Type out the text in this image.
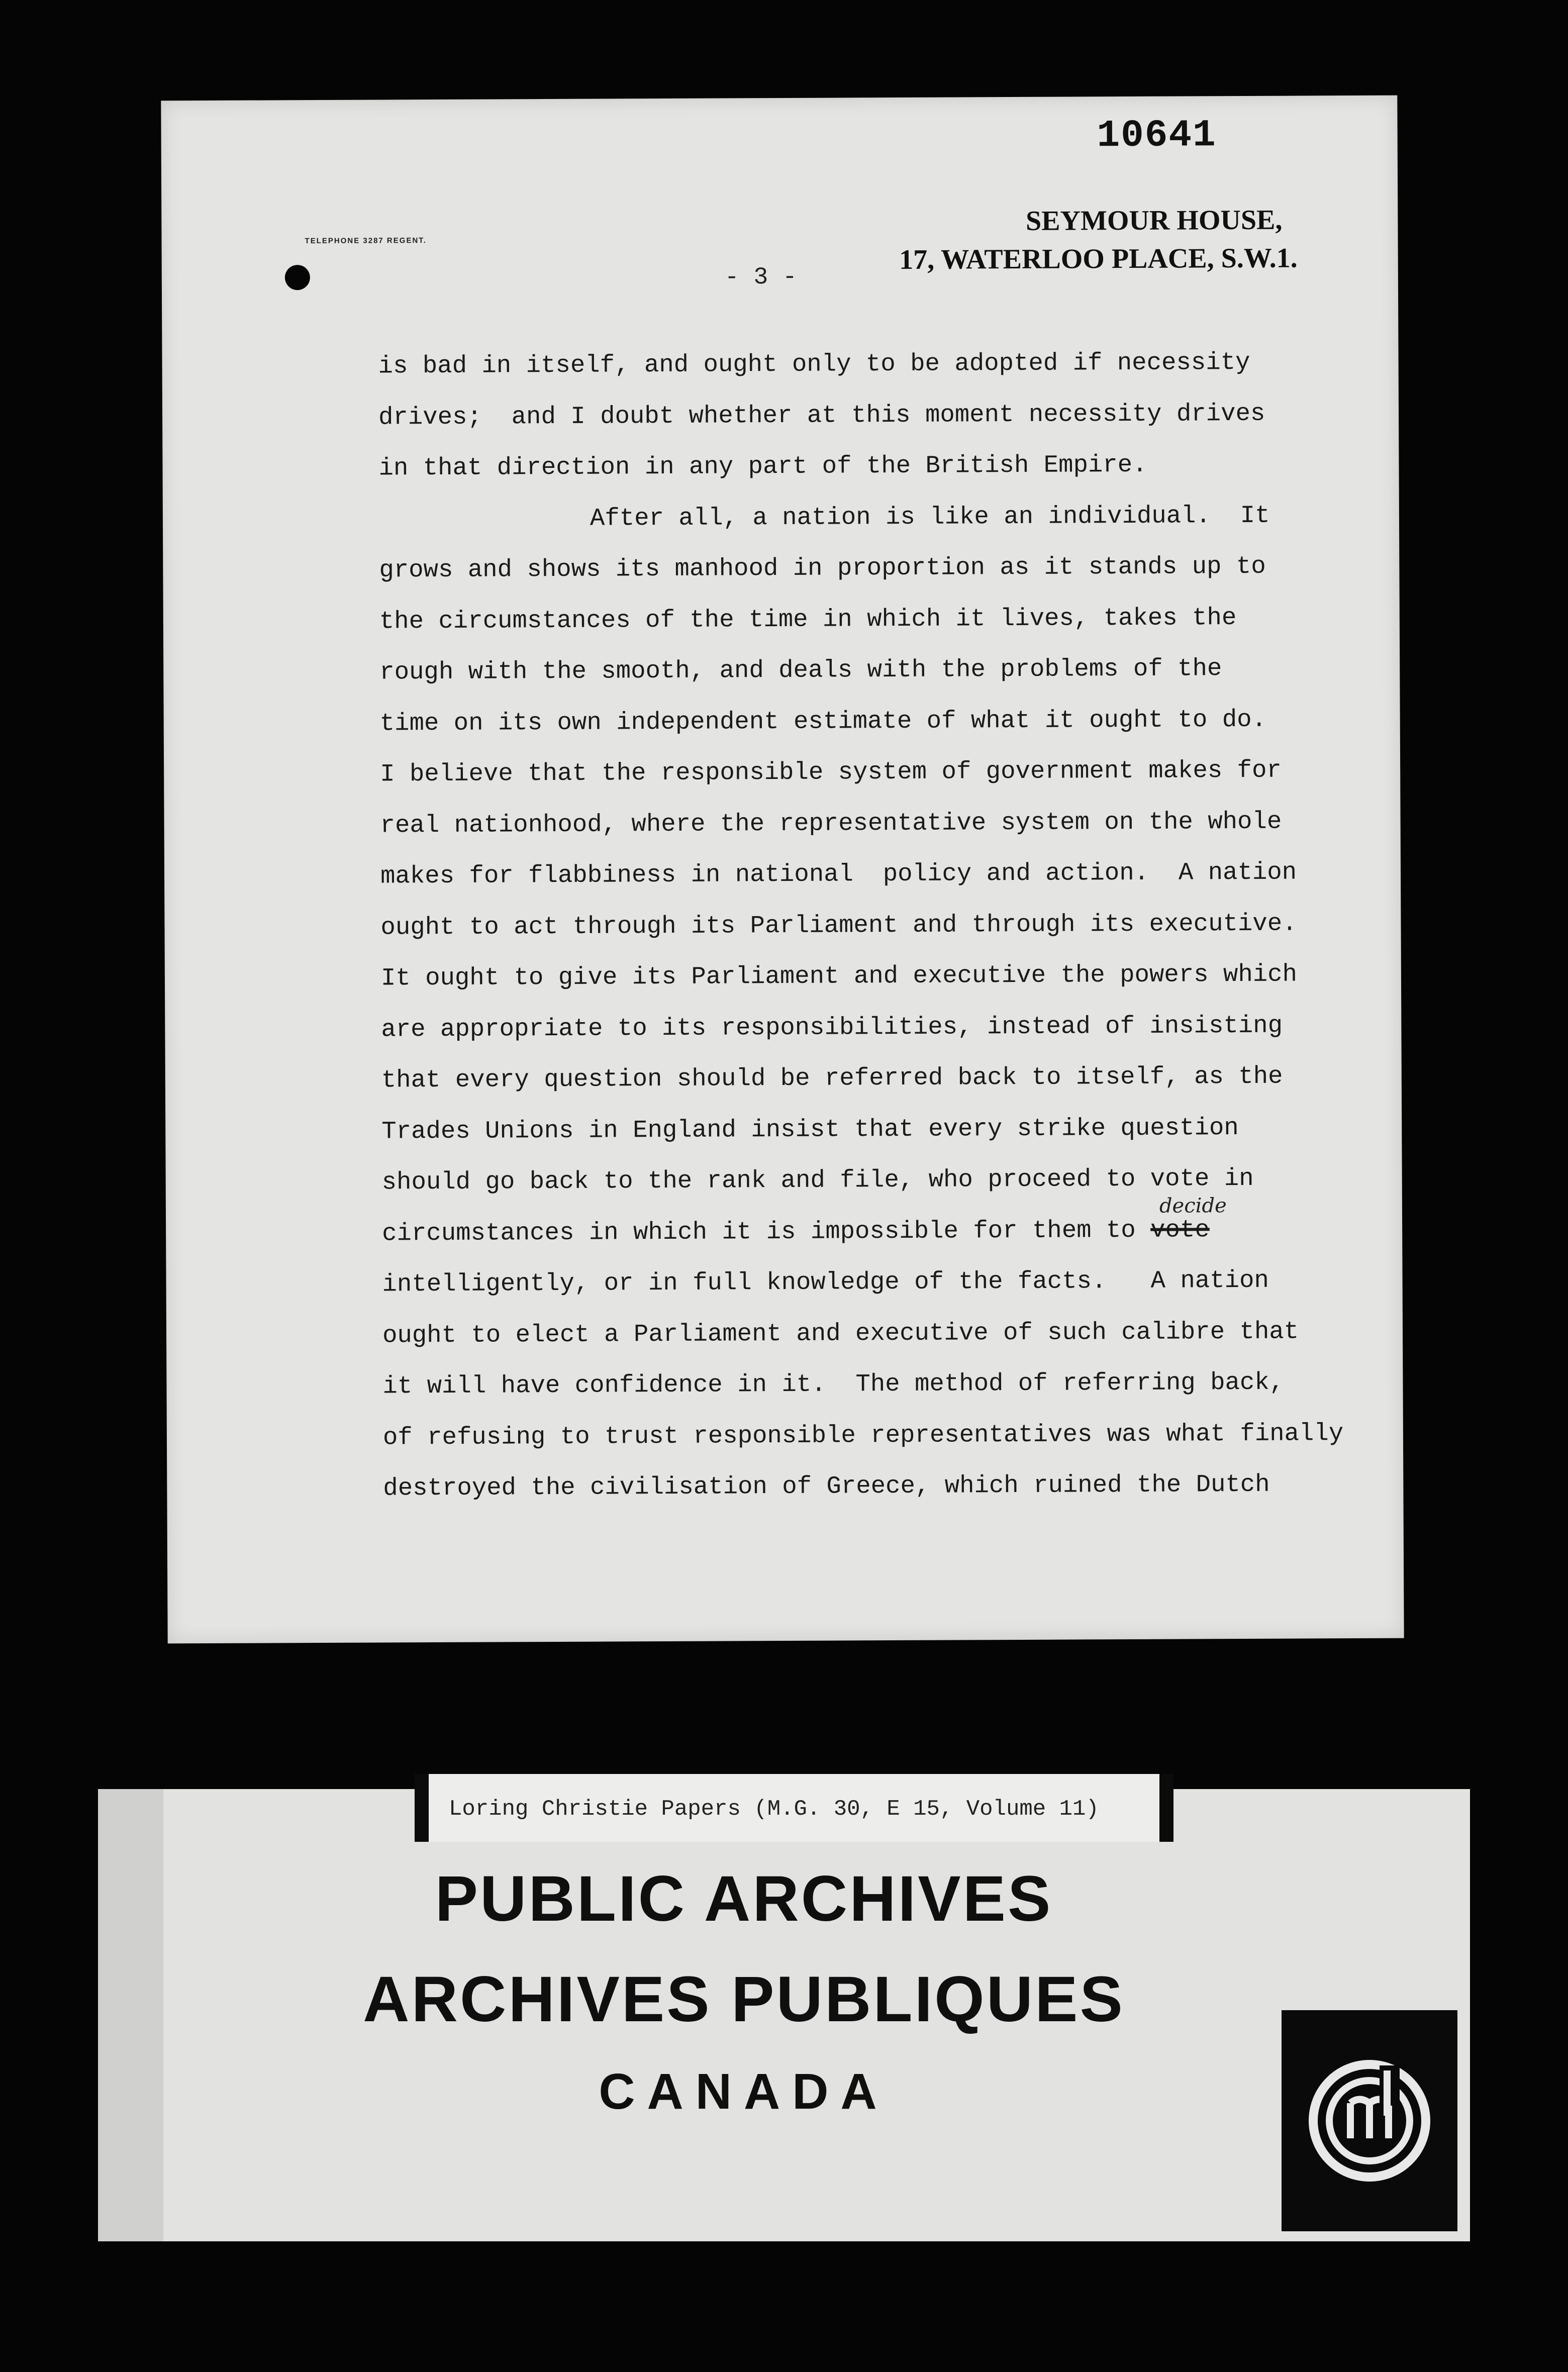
10641
TELEPHONE 3287 REGENT.
SEYMOUR HOUSE,
17, WATERLOO PLACE, S.W.1.
- 3 -
is bad in itself, and ought only to be adopted if necessity
drives;  and I doubt whether at this moment necessity drives
in that direction in any part of the British Empire.
After all, a nation is like an individual.  It
grows and shows its manhood in proportion as it stands up to
the circumstances of the time in which it lives, takes the
rough with the smooth, and deals with the problems of the
time on its own independent estimate of what it ought to do.
I believe that the responsible system of government makes for
real nationhood, where the representative system on the whole
makes for flabbiness in national  policy and action.  A nation
ought to act through its Parliament and through its executive.
It ought to give its Parliament and executive the powers which
are appropriate to its responsibilities, instead of insisting
that every question should be referred back to itself, as the
Trades Unions in England insist that every strike question
should go back to the rank and file, who proceed to vote in
circumstances in which it is impossible for them to vote
decide
intelligently, or in full knowledge of the facts.   A nation
ought to elect a Parliament and executive of such calibre that
it will have confidence in it.  The method of referring back,
of refusing to trust responsible representatives was what finally
destroyed the civilisation of Greece, which ruined the Dutch
Loring Christie Papers (M.G. 30, E 15, Volume 11)
PUBLIC ARCHIVES
ARCHIVES PUBLIQUES
CANADA
